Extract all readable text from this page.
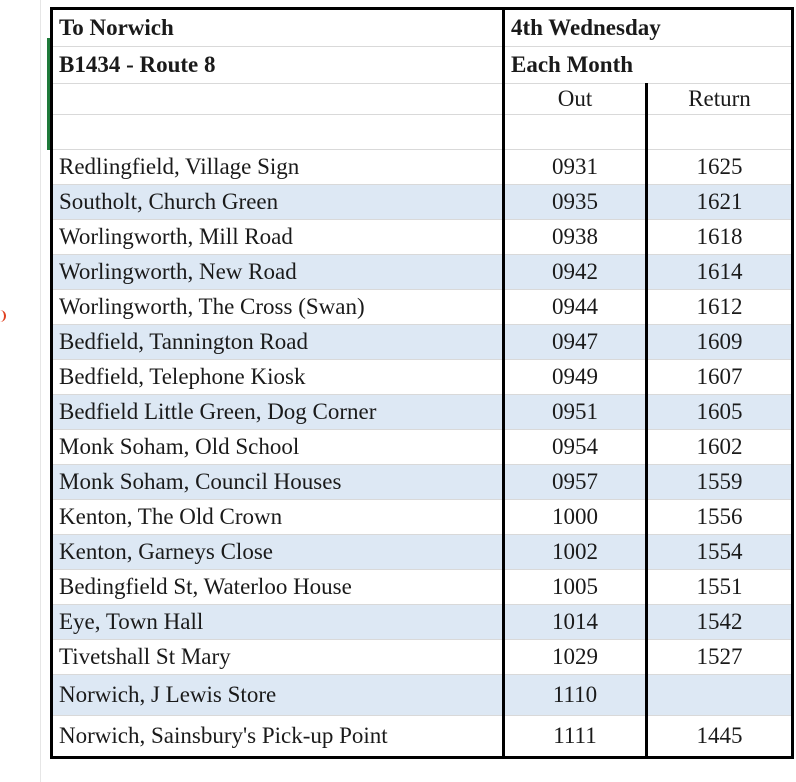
To Norwich	4th Wednesday	
B1434 - Route 8	Each Month	
	Out	Return

Redlingfield, Village Sign	0931	1625
Southolt, Church Green	0935	1621
Worlingworth, Mill Road	0938	1618
Worlingworth, New Road	0942	1614
Worlingworth, The Cross (Swan)	0944	1612
Bedfield, Tannington Road	0947	1609
Bedfield, Telephone Kiosk	0949	1607
Bedfield Little Green, Dog Corner	0951	1605
Monk Soham, Old School	0954	1602
Monk Soham, Council Houses	0957	1559
Kenton, The Old Crown	1000	1556
Kenton, Garneys Close	1002	1554
Bedingfield St, Waterloo House	1005	1551
Eye, Town Hall	1014	1542
Tivetshall St Mary	1029	1527
Norwich, J Lewis Store	1110	
Norwich, Sainsbury's Pick-up Point	1111	1445
